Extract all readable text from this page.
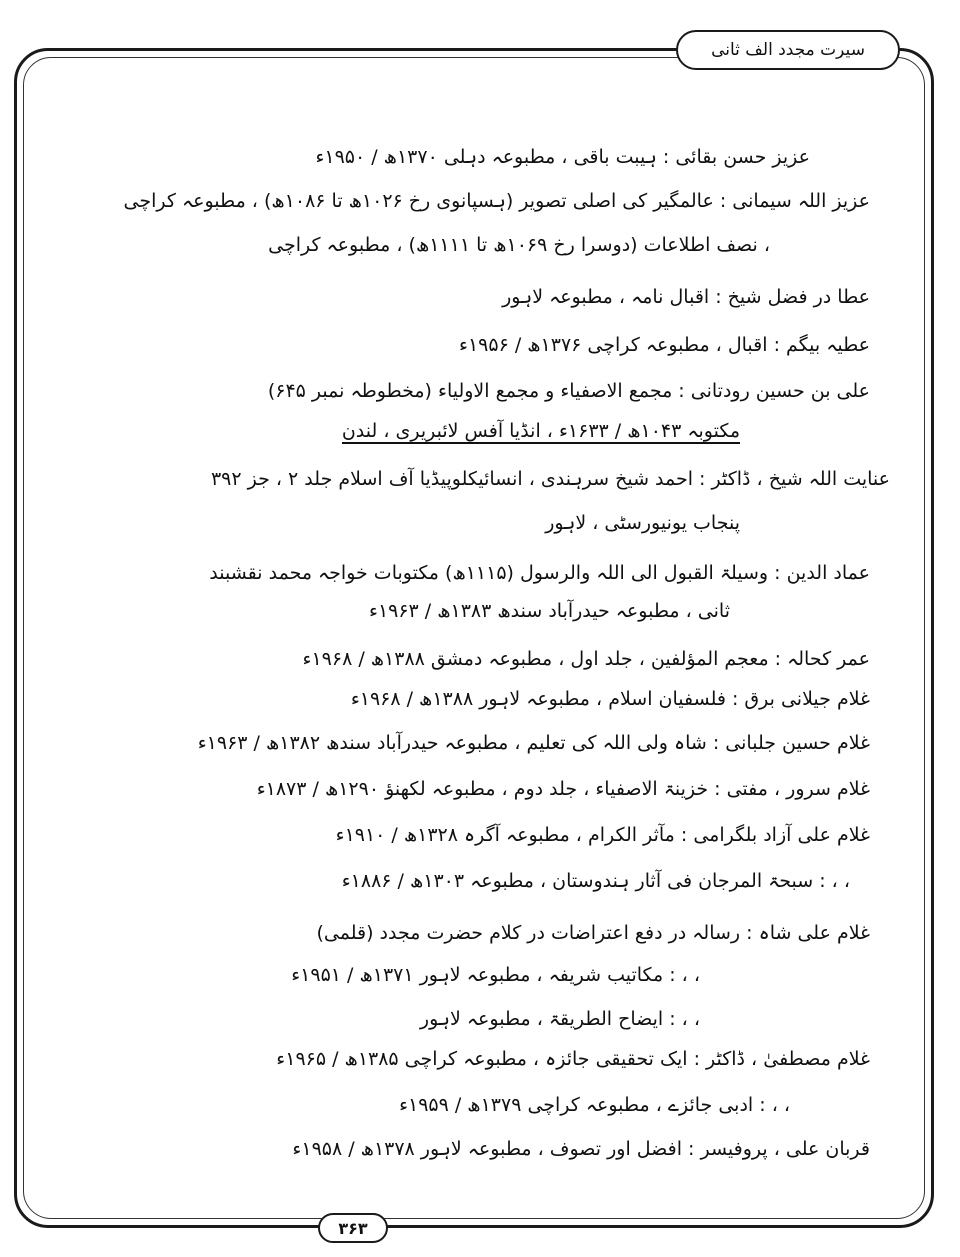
سیرت مجدد الف ثانی
عزیز حسن بقائی : ہیبت باقی ، مطبوعہ دہلی ۱۳۷۰ھ / ۱۹۵۰ء
عزیز اللہ سیمانی : عالمگیر کی اصلی تصویر (ہسپانوی رخ ۱۰۲۶ھ تا ۱۰۸۶ھ) ، مطبوعہ کراچی
، نصف اطلاعات (دوسرا رخ ۱۰۶۹ھ تا ۱۱۱۱ھ) ، مطبوعہ کراچی
عطا در فضل شیخ : اقبال نامہ ، مطبوعہ لاہور
عطیہ بیگم : اقبال ، مطبوعہ کراچی ۱۳۷۶ھ / ۱۹۵۶ء
علی بن حسین رودتانی : مجمع الاصفیاء و مجمع الاولیاء (مخطوطہ نمبر ۶۴۵)
مکتوبہ ۱۰۴۳ھ / ۱۶۳۳ء ، انڈیا آفس لائبریری ، لندن
عنایت اللہ شیخ ، ڈاکٹر : احمد شیخ سرہندی ، انسائیکلوپیڈیا آف اسلام جلد ۲ ، جز ۳۹۲
پنجاب یونیورسٹی ، لاہور
عماد الدین : وسیلۃ القبول الی اللہ والرسول (۱۱۱۵ھ) مکتوبات خواجہ محمد نقشبند
ثانی ، مطبوعہ حیدرآباد سندھ ۱۳۸۳ھ / ۱۹۶۳ء
عمر کحالہ : معجم المؤلفین ، جلد اول ، مطبوعہ دمشق ۱۳۸۸ھ / ۱۹۶۸ء
غلام جیلانی برق : فلسفیان اسلام ، مطبوعہ لاہور ۱۳۸۸ھ / ۱۹۶۸ء
غلام حسین جلبانی : شاہ ولی اللہ کی تعلیم ، مطبوعہ حیدرآباد سندھ ۱۳۸۲ھ / ۱۹۶۳ء
غلام سرور ، مفتی : خزینۃ الاصفیاء ، جلد دوم ، مطبوعہ لکھنؤ ۱۲۹۰ھ / ۱۸۷۳ء
غلام علی آزاد بلگرامی : مآثر الکرام ، مطبوعہ آگرہ ۱۳۲۸ھ / ۱۹۱۰ء
، ، : سبحۃ المرجان فی آثار ہندوستان ، مطبوعہ ۱۳۰۳ھ / ۱۸۸۶ء
غلام علی شاہ : رسالہ در دفع اعتراضات در کلام حضرت مجدد (قلمی)
، ، : مکاتیب شریفہ ، مطبوعہ لاہور ۱۳۷۱ھ / ۱۹۵۱ء
، ، : ایضاح الطریقۃ ، مطبوعہ لاہور
غلام مصطفیٰ ، ڈاکٹر : ایک تحقیقی جائزہ ، مطبوعہ کراچی ۱۳۸۵ھ / ۱۹۶۵ء
، ، : ادبی جائزے ، مطبوعہ کراچی ۱۳۷۹ھ / ۱۹۵۹ء
قربان علی ، پروفیسر : افضل اور تصوف ، مطبوعہ لاہور ۱۳۷۸ھ / ۱۹۵۸ء
۳۶۳
